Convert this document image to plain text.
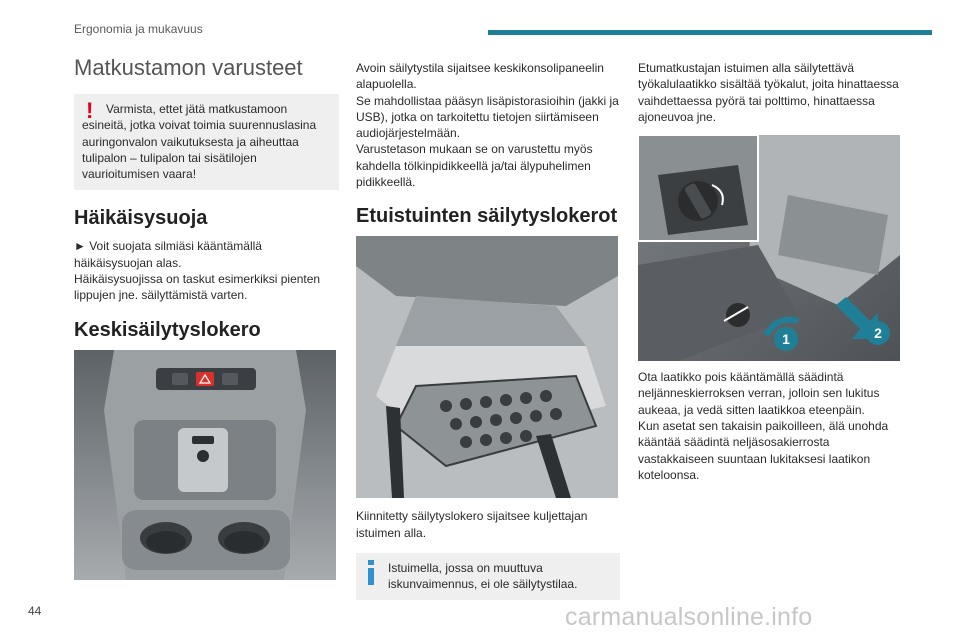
Ergonomia ja mukavuus
Matkustamon varusteet
!	Varmista, ettet jätä matkustamoon esineitä, jotka voivat toimia suurennuslasina auringonvalon vaikutuksesta ja aiheuttaa tulipalon – tulipalon tai sisätilojen vaurioitumisen vaara!

Häikäisysuoja

► Voit suojata silmiäsi kääntämällä häikäisysuojan alas.

Häikäisysuojissa on taskut esimerkiksi pienten lippujen jne. säilyttämistä varten.

Keskisäilytyslokero

Avoin säilytystila sijaitsee keskikonsolipaneelin alapuolella.

Se mahdollistaa pääsyn lisäpistorasioihin (jakki ja USB), jotka on tarkoitettu tietojen siirtämiseen audiojärjestelmään.

Varustetason mukaan se on varustettu myös kahdella tölkinpidikkeellä ja/tai älypuhelimen pidikkeellä.

Etuistuinten säilytyslokerot

Kiinnitetty säilytyslokero sijaitsee kuljettajan istuimen alla.

Istuimella, jossa on muuttuva iskunvaimennus, ei ole säilytystilaa.

Etumatkustajan istuimen alla säilytettävä työkalulaatikko sisältää työkalut, joita hinattaessa vaihdettaessa pyörä tai polttimo, hinattaessa ajoneuvoa jne.

1	2

Ota laatikko pois kääntämällä säädintä neljänneskierroksen verran, jolloin sen lukitus aukeaa, ja vedä sitten laatikkoa eteenpäin.

Kun asetat sen takaisin paikoilleen, älä unohda kääntää säädintä neljäsosakierrosta vastakkaiseen suuntaan lukitaksesi laatikon koteloonsa.

44	carmanualsonline.info
